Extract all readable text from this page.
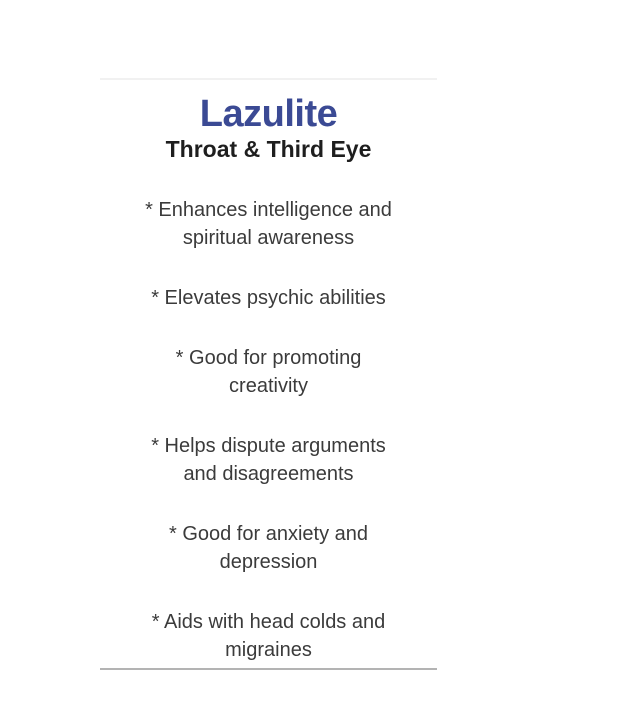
Lazulite
Throat & Third Eye

* Enhances intelligence and
spiritual awareness

* Elevates psychic abilities

* Good for promoting
creativity

* Helps dispute arguments
and disagreements

* Good for anxiety and
depression

* Aids with head colds and
migraines
